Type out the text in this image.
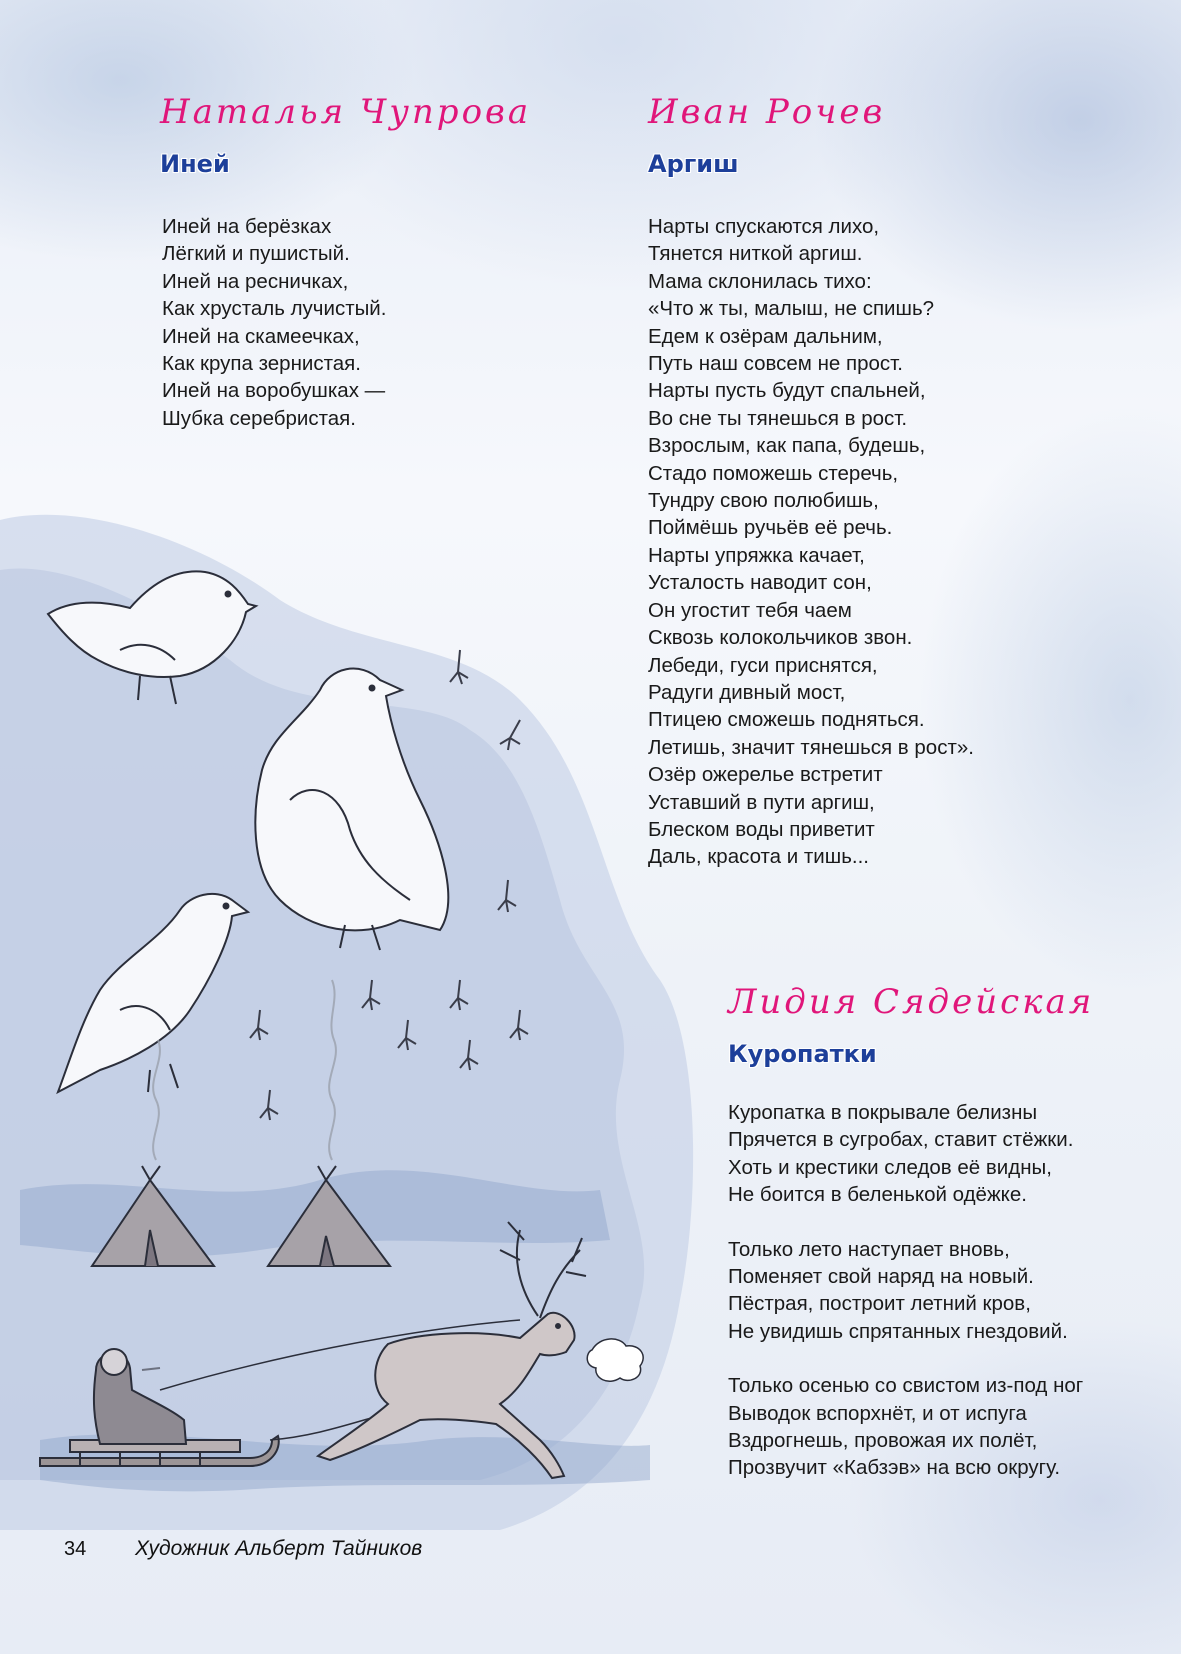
Наталья Чупрова
Иней
Иней на берёзках
Лёгкий и пушистый.
Иней на ресничках,
Как хрусталь лучистый.
Иней на скамеечках,
Как крупа зернистая.
Иней на воробушках —
Шубка серебристая.
Иван Рочев
Аргиш
Нарты спускаются лихо,
Тянется ниткой аргиш.
Мама склонилась тихо:
«Что ж ты, малыш, не спишь?
Едем к озёрам дальним,
Путь наш совсем не прост.
Нарты пусть будут спальней,
Во сне ты тянешься в рост.
Взрослым, как папа, будешь,
Стадо поможешь стеречь,
Тундру свою полюбишь,
Поймёшь ручьёв её речь.
Нарты упряжка качает,
Усталость наводит сон,
Он угостит тебя чаем
Сквозь колокольчиков звон.
Лебеди, гуси приснятся,
Радуги дивный мост,
Птицею сможешь подняться.
Летишь, значит тянешься в рост».
Озёр ожерелье встретит
Уставший в пути аргиш,
Блеском воды приветит
Даль, красота и тишь...
Лидия Сядейская
Куропатки
Куропатка в покрывале белизны
Прячется в сугробах, ставит стёжки.
Хоть и крестики следов её видны,
Не боится в беленькой одёжке.
Только лето наступает вновь,
Поменяет свой наряд на новый.
Пёстрая, построит летний кров,
Не увидишь спрятанных гнездовий.
Только осенью со свистом из-под ног
Выводок вспорхнёт, и от испуга
Вздрогнешь, провожая их полёт,
Прозвучит «Кабзэв» на всю округу.
34 Художник Альберт Тайников
